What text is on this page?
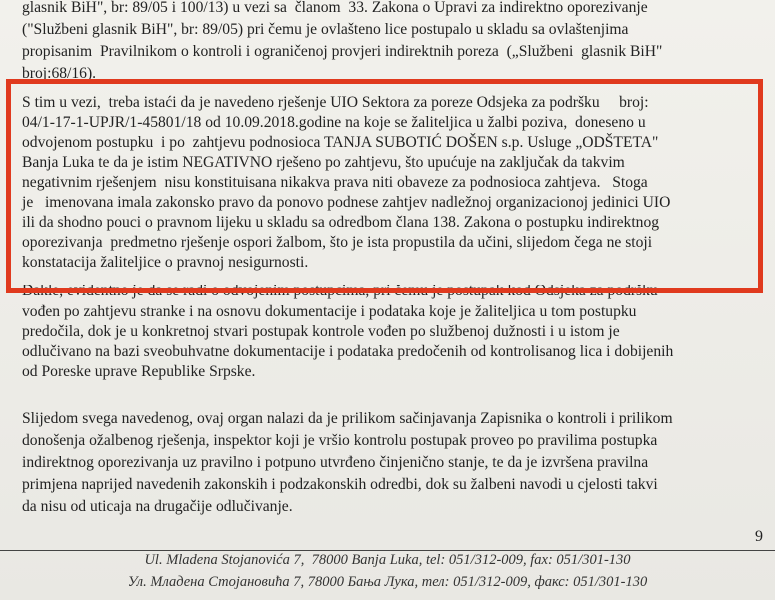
glasnik BiH", br: 89/05 i 100/13) u vezi sa  članom  33. Zakona o Upravi za indirektno oporezivanje

("Službeni glasnik BiH", br: 89/05) pri čemu je ovlašteno lice postupalo u skladu sa ovlaštenjima

propisanim  Pravilnikom o kontroli i ograničenoj provjeri indirektnih poreza  („Službeni  glasnik BiH"

broj:68/16).

S tim u vezi,  treba istaći da je navedeno rješenje UIO Sektora za poreze Odsjeka za podršku     broj:

04/1-17-1-UPJR/1-45801/18 od 10.09.2018.godine na koje se žaliteljica u žalbi poziva,  doneseno u

odvojenom postupku  i po  zahtjevu podnosioca TANJA SUBOTIĆ DOŠEN s.p. Usluge „ODŠTETA"

Banja Luka te da je istim NEGATIVNO rješeno po zahtjevu, što upućuje na zaključak da takvim

negativnim rješenjem  nisu konstituisana nikakva prava niti obaveze za podnosioca zahtjeva.   Stoga

je   imenovana imala zakonsko pravo da ponovo podnese zahtjev nadležnoj organizacionoj jedinici UIO

ili da shodno pouci o pravnom lijeku u skladu sa odredbom člana 138. Zakona o postupku indirektnog

oporezivanja  predmetno rješenje ospori žalbom, što je ista propustila da učini, slijedom čega ne stoji

konstatacija žaliteljice o pravnoj nesigurnosti.

Dakle, evidentno je da se radi o odvojenim postupcima, pri čemu je postupak kod Odsjeka za podršku

vođen po zahtjevu stranke i na osnovu dokumentacije i podataka koje je žaliteljica u tom postupku

predočila, dok je u konkretnoj stvari postupak kontrole vođen po službenoj dužnosti i u istom je

odlučivano na bazi sveobuhvatne dokumentacije i podataka predočenih od kontrolisanog lica i dobijenih

od Poreske uprave Republike Srpske.

Slijedom svega navedenog, ovaj organ nalazi da je prilikom sačinjavanja Zapisnika o kontroli i prilikom

donošenja ožalbenog rješenja, inspektor koji je vršio kontrolu postupak proveo po pravilima postupka

indirektnog oporezivanja uz pravilno i potpuno utvrđeno činjenično stanje, te da je izvršena pravilna

primjena naprijed navedenih zakonskih i podzakonskih odredbi, dok su žalbeni navodi u cjelosti takvi

da nisu od uticaja na drugačije odlučivanje.

9
Ul. Mladena Stojanovića 7,  78000 Banja Luka, tel: 051/312-009, fax: 051/301-130
Ул. Младена Стојановића 7, 78000 Бања Лука, тел: 051/312-009, факс: 051/301-130
